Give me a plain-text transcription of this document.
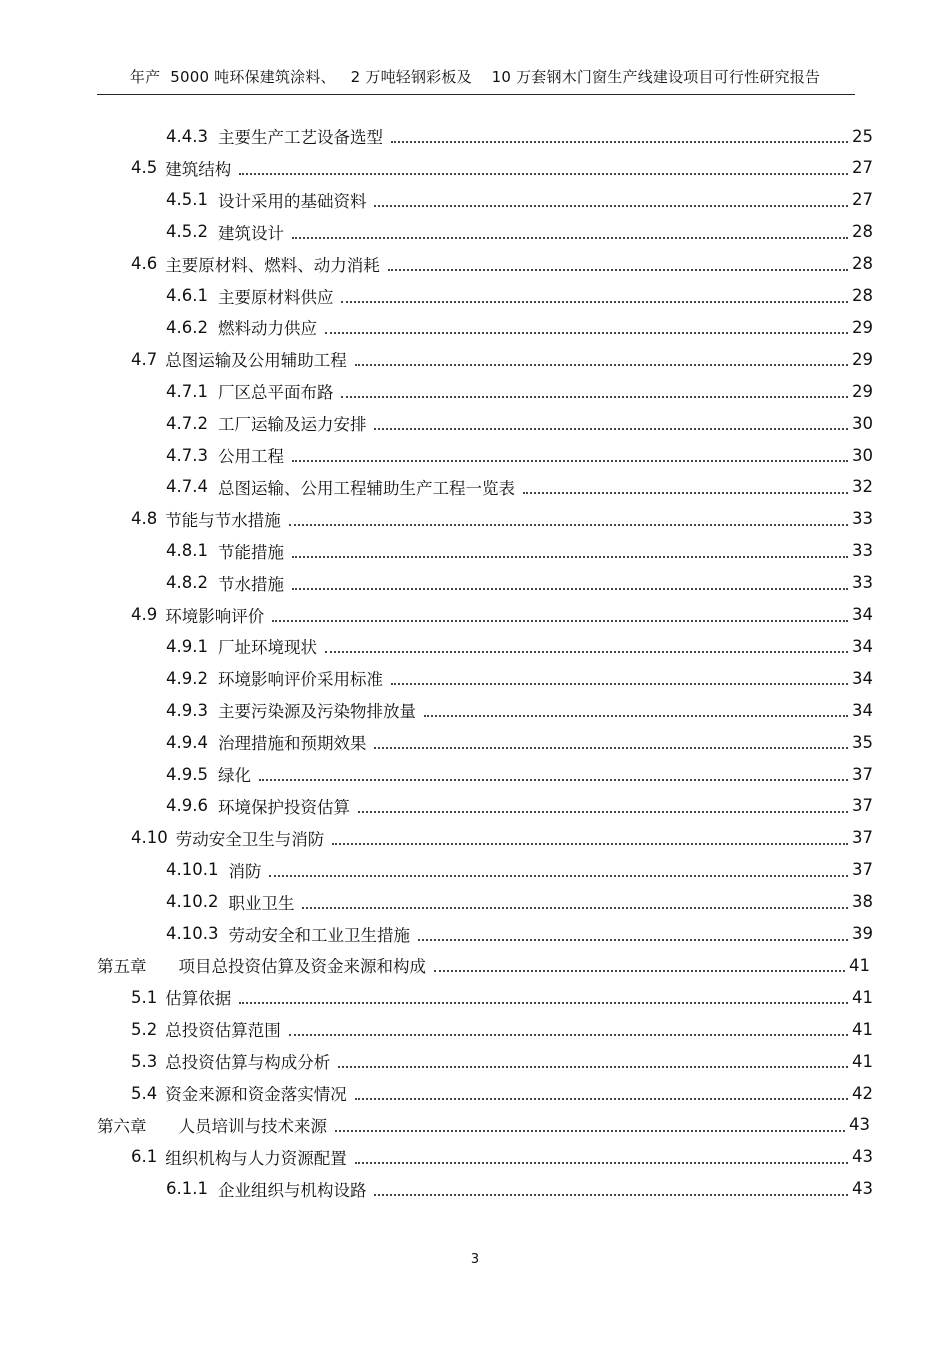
年产  5000 吨环保建筑涂料、   2 万吨轻钢彩板及    10 万套钢木门窗生产线建设项目可行性研究报告
4.4.3 主要生产工艺设备选型	25
4.5 建筑结构	27
4.5.1 设计采用的基础资料	27
4.5.2 建筑设计	28
4.6 主要原材料、燃料、动力消耗	28
4.6.1 主要原材料供应	28
4.6.2 燃料动力供应	29
4.7 总图运输及公用辅助工程	29
4.7.1 厂区总平面布路	29
4.7.2 工厂运输及运力安排	30
4.7.3 公用工程	30
4.7.4 总图运输、公用工程辅助生产工程一览表	32
4.8 节能与节水措施	33
4.8.1 节能措施	33
4.8.2 节水措施	33
4.9 环境影响评价	34
4.9.1 厂址环境现状	34
4.9.2 环境影响评价采用标准	34
4.9.3 主要污染源及污染物排放量	34
4.9.4 治理措施和预期效果	35
4.9.5 绿化	37
4.9.6 环境保护投资估算	37
4.10 劳动安全卫生与消防	37
4.10.1 消防	37
4.10.2 职业卫生	38
4.10.3 劳动安全和工业卫生措施	39
第五章 项目总投资估算及资金来源和构成	41
5.1 估算依据	41
5.2 总投资估算范围	41
5.3 总投资估算与构成分析	41
5.4 资金来源和资金落实情况	42
第六章 人员培训与技术来源	43
6.1 组织机构与人力资源配置	43
6.1.1 企业组织与机构设路	43
3
